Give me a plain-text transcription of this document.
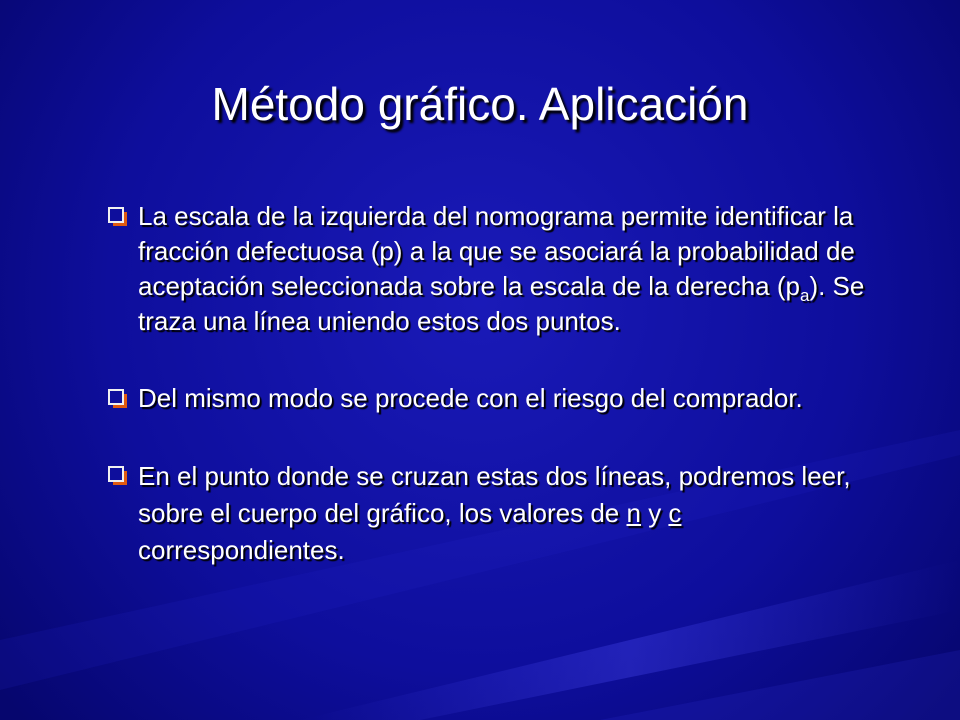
Método gráfico. Aplicación
La escala de la izquierda del nomograma permite identificar la fracción defectuosa (p) a la que se asociará la probabilidad de aceptación seleccionada sobre la escala de la derecha $(p_a)$. Se traza una línea uniendo estos dos puntos.
Del mismo modo se procede con el riesgo del comprador.
En el punto donde se cruzan estas dos líneas, podremos leer, sobre el cuerpo del gráfico, los valores de n y c correspondientes.
